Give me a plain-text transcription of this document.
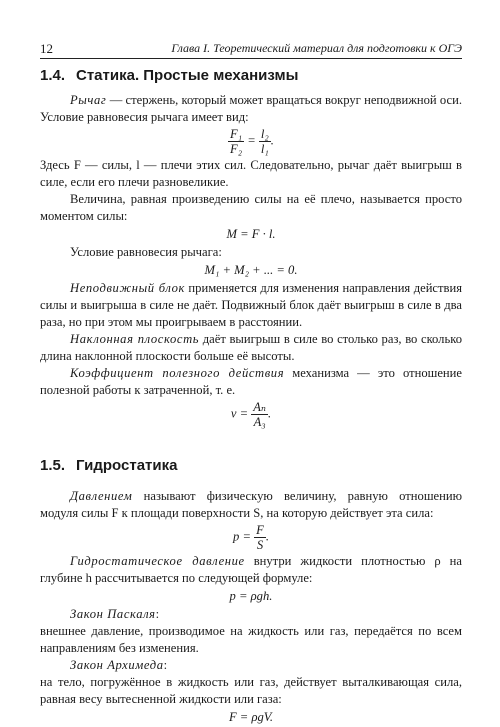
12	Глава I. Теоретический материал для подготовки к ОГЭ
1.4. Статика. Простые механизмы

Рычаг — стержень, который может вращаться вокруг неподвижной оси. Условие равновесия рычага имеет вид:

$\frac{\text{F₁}}{\text{F₂}} = \frac{\text{l₂}}{\text{l₁}}$ .

Здесь F — силы, l — плечи этих сил. Следовательно, рычаг даёт выигрыш в силе, если его плечи разновеликие.

Величина, равная произведению силы на её плечо, называется просто моментом силы:

M = F · l.

Условие равновесия рычага:

M₁ + M₂ + ... = 0.

Неподвижный блок применяется для изменения направления действия силы и выигрыша в силе не даёт. Подвижный блок даёт выигрыш в силе в два раза, но при этом мы проигрываем в расстоянии.

Наклонная плоскость даёт выигрыш в силе во столько раз, во сколько длина наклонной плоскости больше её высоты.

Коэффициент полезного действия механизма — это отношение полезной работы к затраченной, т. е.

$\nu = \frac{\text{Aₙ}}{\text{A₃}}$ .
1.5. Гидростатика

Давлением называют физическую величину, равную отношению модуля силы F к площади поверхности S, на которую действует эта сила:

$p = \frac{F}{S}$ .

Гидростатическое давление внутри жидкости плотностью ρ на глубине h рассчитывается по следующей формуле:

p = ρgh.

Закон Паскаля:

внешнее давление, производимое на жидкость или газ, передаётся по всем направлениям без изменения.

Закон Архимеда:

на тело, погружённое в жидкость или газ, действует выталкивающая сила, равная весу вытесненной жидкости или газа:

F = ρgV.
